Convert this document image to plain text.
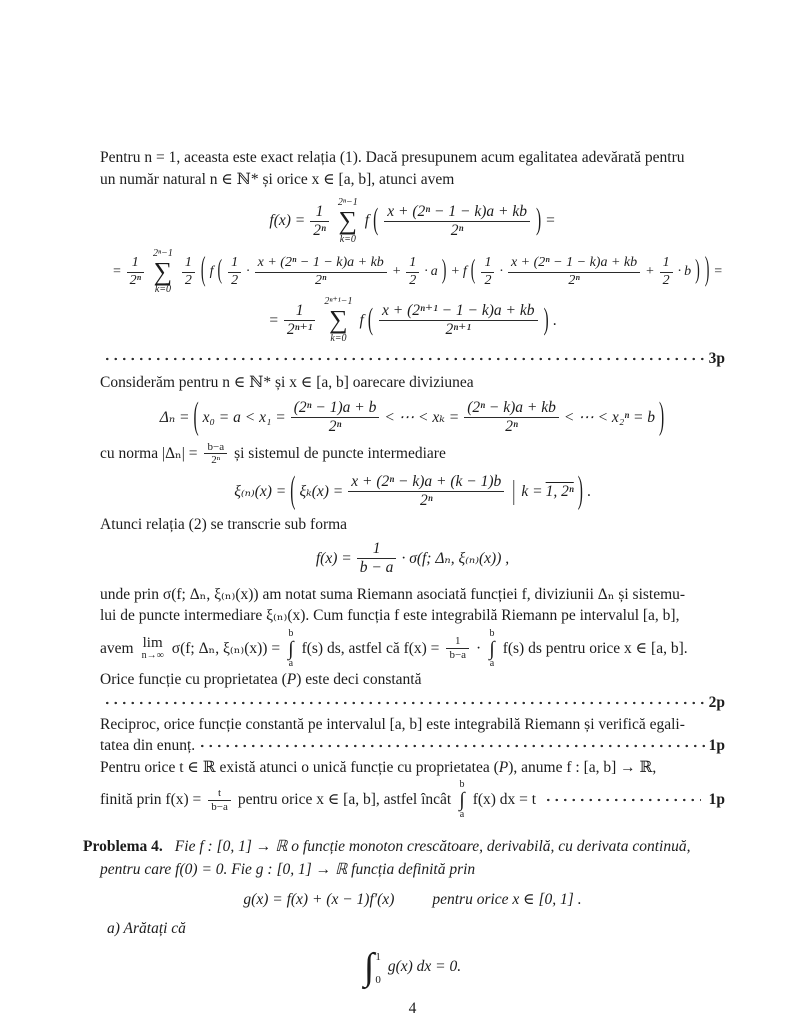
Pentru n = 1, aceasta este exact relația (1). Dacă presupunem acum egalitatea adevărată pentru
un număr natural n ∈ ℕ* și orice x ∈ [a, b], atunci avem
$f(x) = \frac{1}{\text{2ⁿ}}$
2ⁿ−1
∑
k=0
f ( $\frac{\text{x + (2ⁿ − 1 − k)a + kb}}{\text{2ⁿ}}$ ) =
= $\frac{1}{\text{2ⁿ}}$
2ⁿ−1
∑
k=0
$\frac{1}{2}$ ( f ( $\frac{1}{2} \cdot \frac{\text{x + (2ⁿ − 1 − k)a + kb}}{\text{2ⁿ}} + \frac{1}{2} \cdot a$ ) + f ( $\frac{1}{2} \cdot \frac{\text{x + (2ⁿ − 1 − k)a + kb}}{\text{2ⁿ}} + \frac{1}{2} \cdot b$ ) ) =
= $\frac{1}{\text{2ⁿ⁺¹}}$
2ⁿ⁺¹−1
∑
k=0
f ( $\frac{\text{x + (2ⁿ⁺¹ − 1 − k)a + kb}}{\text{2ⁿ⁺¹}}$ ) .
3p
Considerăm pentru n ∈ ℕ* și x ∈ [a, b] oarecare diviziunea
Δₙ = ( $x_0 = a < x_1 = \frac{\text{(2ⁿ − 1)a + b}}{\text{2ⁿ}}$ < ⋯ < $x_k = \frac{\text{(2ⁿ − k)a + kb}}{\text{2ⁿ}}$ < ⋯ < x₂ⁿ = b )
cu norma $|\Delta_n| = \frac{b-a}{\text{2ⁿ}}$ și sistemul de puncte intermediare
ξ₍ₙ₎(x) = ( $\xi_k(x) = \frac{\text{x + (2ⁿ − k)a + (k − 1)b}}{\text{2ⁿ}}$ | k = 1, 2ⁿ ) .
Atunci relația (2) se transcrie sub forma
$f(x) = \frac{1}{b - a} \cdot \sigma(f$; Δₙ, ξ₍ₙ₎(x)) ,
unde prin σ(f; Δₙ, ξ₍ₙ₎(x)) am notat suma Riemann asociată funcției f, diviziunii Δₙ și sistemu-
lui de puncte intermediare ξ₍ₙ₎(x). Cum funcția f este integrabilă Riemann pe intervalul [a, b],
avem lim
n→∞ σ(f; Δₙ, ξ₍ₙ₎(x)) =
b
∫
a
f(s) ds, astfel că $f(x) = \frac{1}{b-a}$ ·
b
∫
a
f(s) ds pentru orice x ∈ [a, b].
Orice funcție cu proprietatea (P) este deci constantă
2p
Reciproc, orice funcție constantă pe intervalul [a, b] este integrabilă Riemann și verifică egali-
tatea din enunț.	1p
Pentru orice t ∈ ℝ există atunci o unică funcție cu proprietatea (P), anume f : [a, b] → ℝ,
finită prin $f(x) = \frac{t}{b-a}$ pentru orice x ∈ [a, b], astfel încât
b
∫
a
f(x) dx = t	1p
Problema 4. Fie f : [0, 1] → ℝ o funcție monoton crescătoare, derivabilă, cu derivata continuă,
pentru care f(0) = 0. Fie g : [0, 1] → ℝ funcția definită prin
g(x) = f(x) + (x − 1)f′(x) pentru orice x ∈ [0, 1] .
a) Arătați că
∫ 1
0
g(x) dx = 0.
4
